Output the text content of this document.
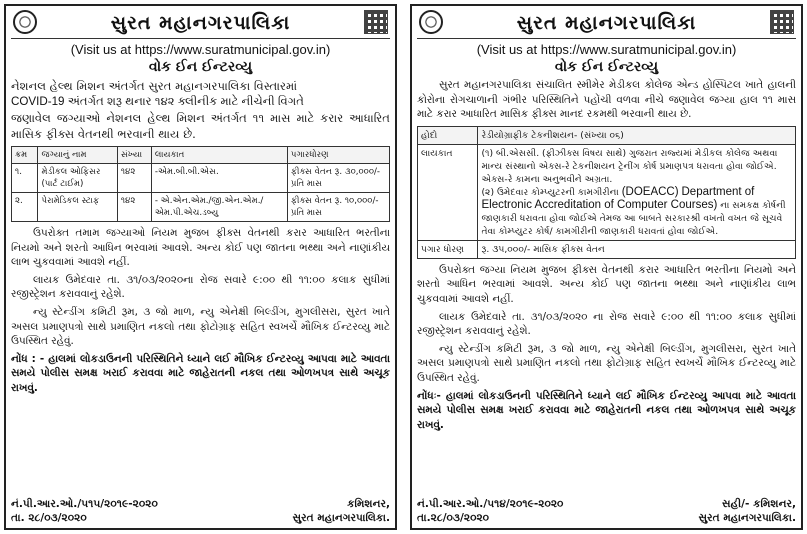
સુરત મહાનગરપાલિકા
(Visit us at https://www.suratmunicipal.gov.in)
વોક ઈન ઈન્ટરવ્યુ
નેશનલ હેલ્થ મિશન અંતર્ગત સુરત મહાનગરપાલિકા વિસ્તારમાં
COVID-19 અંતર્ગત શરૂ થનાર ૧૪૨ ક્લીનીક માટે નીચેની વિગતે
જણાવેલ જગ્યાઓ નેશનલ હેલ્થ મિશન અંતર્ગત ૧૧ માસ માટે કરાર આધારિત માસિક ફીક્સ વેતનથી ભરવાની થાય છે.
ક્રમ	જગ્યાનું નામ	સંખ્યા	લાયકાત	પગારધોરણ
૧.	મેડીકલ ઓફિસર (પાર્ટ ટાઈમ)	૧૪૨	-એમ.બી.બી.એસ.	ફીક્સ વેતન રૂ. ૩૦,૦૦૦/- પ્રતિ માસ
૨.	પેરામેડિકલ સ્ટાફ	૧૪૨	- એ.એન.એમ./જી.એન.એમ./ એમ.પી.એચ.ડબ્યુ	ફીક્સ વેતન રૂ. ૧૦,૦૦૦/- પ્રતિ માસ
ઉપરોક્ત તમામ જગ્યાઓ નિયમ મુજબ ફીક્સ વેતનથી કરાર આધારિત ભરતીના નિયમો અને શરતો આધિન ભરવામાં આવશે. અન્ય કોઈ પણ જાતના ભથ્થા અને નાણાંકીય લાભ ચુકવવામાં આવશે નહીં.
લાયક ઉમેદવાર તા. ૩૧/૦૩/૨૦૨૦ના રોજ સવારે ૯:૦૦ થી ૧૧:૦૦ કલાક સુધીમાં રજીસ્ટ્રેશન કરાવવાનું રહેશે.
ન્યુ સ્ટેન્ડીંગ કમિટી રૂમ, ૩ જો માળ, ન્યુ એનેક્ષી બિલ્ડીંગ, મુગલીસરા, સુરત ખાતે અસલ પ્રમાણપત્રો સાથે પ્રમાણિત નકલો તથા ફોટોગ્રાફ સહિત સ્વખર્ચે મૌખિક ઈન્ટરવ્યુ માટે ઉપસ્થિત રહેવું.
નોંધ : - હાલમાં લોકડાઉનની પરિસ્થિતિને ધ્યાને લઈ મૌખિક ઈન્ટરવ્યુ આપવા માટે આવતા સમયે પોલીસ સમક્ષ ખરાઈ કરાવવા માટે જાહેરાતની નકલ તથા ઓળખપત્ર સાથે અચૂક રાખવું.
નં.પી.આર.ઓ./૫૧૫/૨૦૧૯-૨૦૨૦	કમિશનર,
તા. ૨૮/૦૩/૨૦૨૦	સુરત મહાનગરપાલિકા.
સુરત મહાનગરપાલિકા
(Visit us at https://www.suratmunicipal.gov.in)
વોક ઈન ઈન્ટરવ્યુ
સુરત મહાનગરપાલિકા સંચાલિત સ્મીમેર મેડીકલ કોલેજ એન્ડ હોસ્પિટલ ખાતે હાલની કોરોના રોગચાળાની ગંભીર પરિસ્થિતિને પહોંચી વળવા નીચે જણાવેલ જગ્યા હાલ ૧૧ માસ માટે કરાર આધારિત માસિક ફીક્સ માનદ રકમથી ભરવાની થાય છે.
હોદો	રેડીયોગ્રાફીક ટેકનીશયન- (સંખ્યા ૦૬)
લાયકાત	(૧) બી.એસસી. (ફીઝીક્સ વિષય સાથે) ગુજરાત રાજ્યમાં મેડીકલ કોલેજ અથવા માન્ય સંસ્થાનો એક્સ-રે ટેકનીશયન ટ્રેનીંગ કોર્ષ પ્રમાણપત્ર ધરાવતા હોવા જોઈએ. એક્સ-રે કામના અનુભવીને અગ્રતા.
(૨) ઉમેદવાર કોમ્પ્યુટરની કામગીરીના (DOEACC) Department of Electronic Accreditation of Computer Courses) ના સમકક્ષ કોર્ષની જાણકારી ધરાવતા હોવા જોઈએ તેમજ આ બાબતે સરકારશ્રી વખતો વખત જે સૂચવે તેવા કોમ્પ્યુટર કોર્ષ/ કામગીરીની જાણકારી ધરાવતાં હોવા જોઈએ.

પગાર ધોરણ	રૂ. ૩૫,૦૦૦/- માસિક ફીક્સ વેતન
ઉપરોક્ત જગ્યા નિયમ મુજબ ફીક્સ વેતનથી કરાર આધારિત ભરતીના નિયમો અને શરતો આધિન ભરવામાં આવશે. અન્ય કોઈ પણ જાતના ભથ્થા અને નાણાંકીય લાભ ચુકવવામાં આવશે નહીં.
લાયક ઉમેદવારે તા. ૩૧/૦૩/૨૦૨૦ ના રોજ સવારે ૯:૦૦ થી ૧૧:૦૦ કલાક સુધીમાં રજીસ્ટ્રેશન કરાવવાનું રહેશે.
ન્યુ સ્ટેન્ડીંગ કમિટી રૂમ, ૩ જો માળ, ન્યુ એનેક્ષી બિલ્ડીંગ, મુગલીસરા, સુરત ખાતે અસલ પ્રમાણપત્રો સાથે પ્રમાણિત નકલો તથા ફોટોગ્રાફ સહિત સ્વખર્ચે મૌખિક ઈન્ટરવ્યુ માટે ઉપસ્થિત રહેવું.
નોંધઃ- હાલમાં લોકડાઉનની પરિસ્થિતિને ધ્યાને લઈ મૌખિક ઈન્ટરવ્યુ આપવા માટે આવતા સમયે પોલીસ સમક્ષ ખરાઈ કરાવવા માટે જાહેરાતની નકલ તથા ઓળખપત્ર સાથે અચૂક રાખવું.
નં.પી.આર.ઓ./૫૧૪/૨૦૧૯-૨૦૨૦	સહી/- કમિશનર,
તા.૨૮/૦૩/૨૦૨૦	સુરત મહાનગરપાલિકા.
